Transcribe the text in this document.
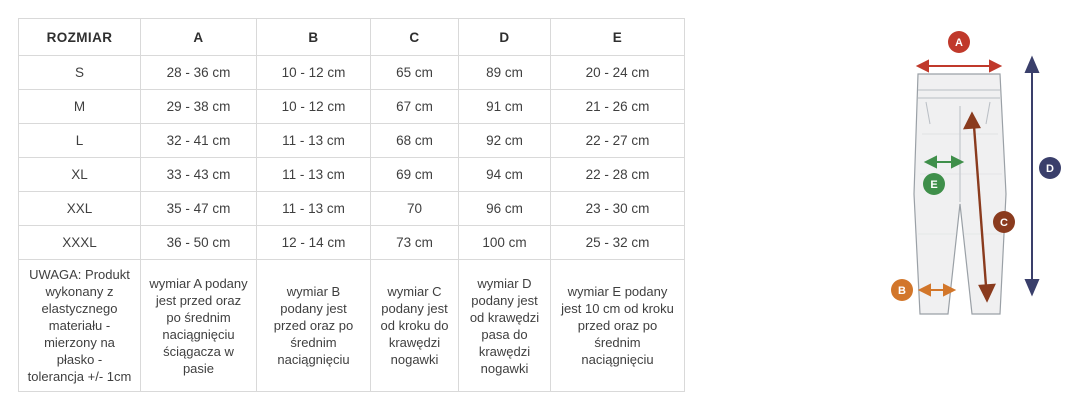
ROZMIAR	A	B	C	D	E
S	28 - 36 cm	10 - 12 cm	65 cm	89 cm	20 - 24 cm
M	29 - 38 cm	10 - 12 cm	67 cm	91 cm	21 - 26 cm
L	32 - 41 cm	11 - 13 cm	68 cm	92 cm	22 - 27 cm
XL	33 - 43 cm	11 - 13 cm	69 cm	94 cm	22 - 28 cm
XXL	35 - 47 cm	11 - 13 cm	70	96 cm	23 - 30 cm
XXXL	36 - 50 cm	12 - 14 cm	73 cm	100 cm	25 - 32 cm
UWAGA: Produkt wykonany z elastycznego materiału - mierzony na płasko - tolerancja +/- 1cm	wymiar A podany jest przed oraz po średnim naciągnięciu ściągacza w pasie	wymiar B podany jest przed oraz po średnim naciągnięciu	wymiar C podany jest od kroku do krawędzi nogawki	wymiar D podany jest od krawędzi pasa do krawędzi nogawki	wymiar E podany jest 10 cm od kroku przed oraz po średnim naciągnięciu
A
D
C
E
B
